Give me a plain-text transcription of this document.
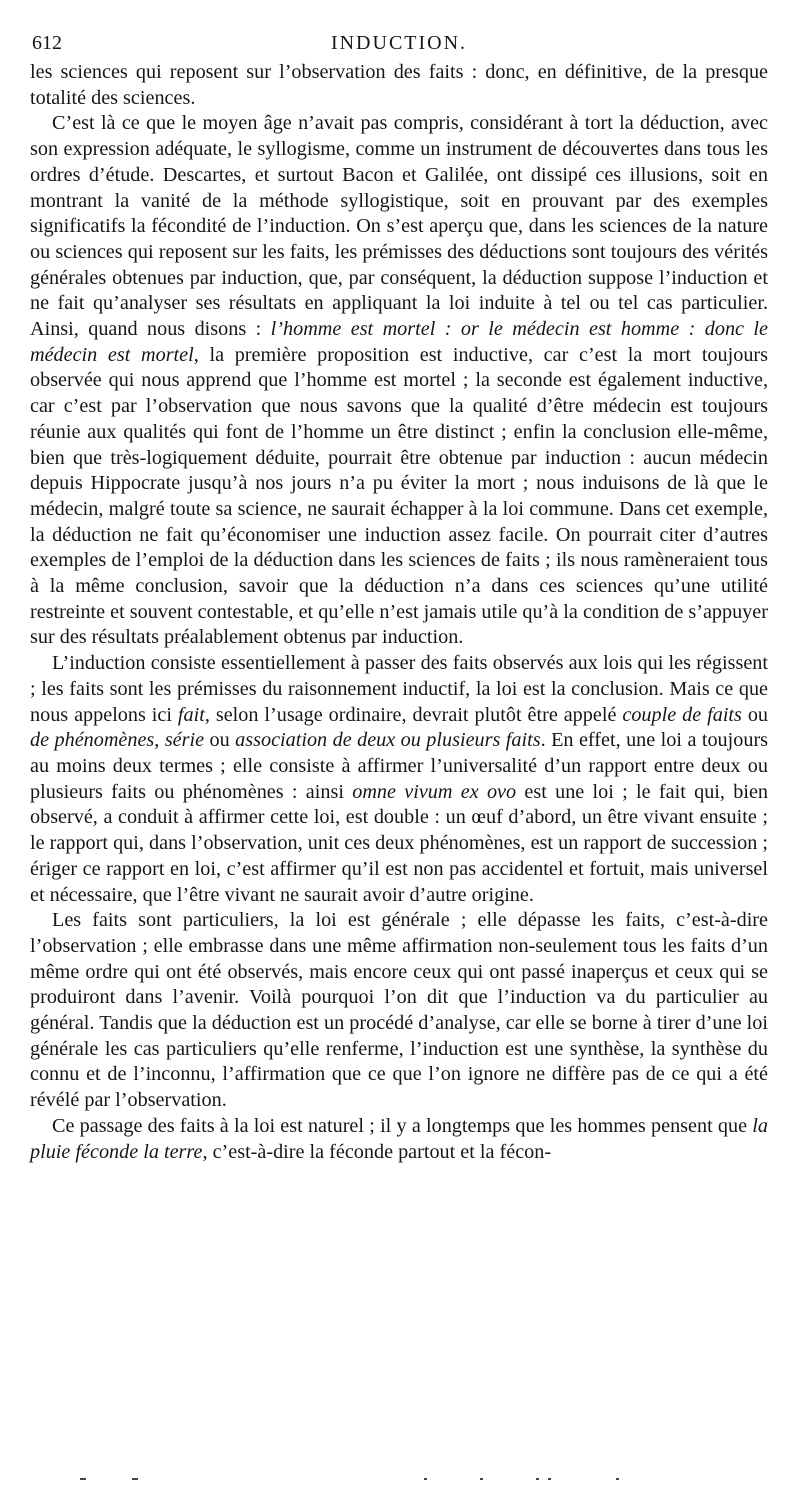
612	INDUCTION.

les sciences qui reposent sur l’observation des faits : donc, en définitive, de la presque totalité des sciences.

C’est là ce que le moyen âge n’avait pas compris, considérant à tort la déduction, avec son expression adéquate, le syllogisme, comme un instrument de découvertes dans tous les ordres d’étude. Descartes, et surtout Bacon et Galilée, ont dissipé ces illusions, soit en montrant la vanité de la méthode syllogistique, soit en prouvant par des exemples significatifs la fécondité de l’induction. On s’est aperçu que, dans les sciences de la nature ou sciences qui reposent sur les faits, les prémisses des déductions sont toujours des vérités générales obtenues par induction, que, par conséquent, la déduction suppose l’induction et ne fait qu’analyser ses résultats en appliquant la loi induite à tel ou tel cas particulier. Ainsi, quand nous disons : l’homme est mortel : or le médecin est homme : donc le médecin est mortel, la première proposition est inductive, car c’est la mort toujours observée qui nous apprend que l’homme est mortel ; la seconde est également inductive, car c’est par l’observation que nous savons que la qualité d’être médecin est toujours réunie aux qualités qui font de l’homme un être distinct ; enfin la conclusion elle-même, bien que très-logiquement déduite, pourrait être obtenue par induction : aucun médecin depuis Hippocrate jusqu’à nos jours n’a pu éviter la mort ; nous induisons de là que le médecin, malgré toute sa science, ne saurait échapper à la loi commune. Dans cet exemple, la déduction ne fait qu’économiser une induction assez facile. On pourrait citer d’autres exemples de l’emploi de la déduction dans les sciences de faits ; ils nous ramèneraient tous à la même conclusion, savoir que la déduction n’a dans ces sciences qu’une utilité restreinte et souvent contestable, et qu’elle n’est jamais utile qu’à la condition de s’appuyer sur des résultats préalablement obtenus par induction.

L’induction consiste essentiellement à passer des faits observés aux lois qui les régissent ; les faits sont les prémisses du raisonnement inductif, la loi est la conclusion. Mais ce que nous appelons ici fait, selon l’usage ordinaire, devrait plutôt être appelé couple de faits ou de phénomènes, série ou association de deux ou plusieurs faits. En effet, une loi a toujours au moins deux termes ; elle consiste à affirmer l’universalité d’un rapport entre deux ou plusieurs faits ou phénomènes : ainsi omne vivum ex ovo est une loi ; le fait qui, bien observé, a conduit à affirmer cette loi, est double : un œuf d’abord, un être vivant ensuite ; le rapport qui, dans l’observation, unit ces deux phénomènes, est un rapport de succession ; ériger ce rapport en loi, c’est affirmer qu’il est non pas accidentel et fortuit, mais universel et nécessaire, que l’être vivant ne saurait avoir d’autre origine.

Les faits sont particuliers, la loi est générale ; elle dépasse les faits, c’est-à-dire l’observation ; elle embrasse dans une même affirmation non-seulement tous les faits d’un même ordre qui ont été observés, mais encore ceux qui ont passé inaperçus et ceux qui se produiront dans l’avenir. Voilà pourquoi l’on dit que l’induction va du particulier au général. Tandis que la déduction est un procédé d’analyse, car elle se borne à tirer d’une loi générale les cas particuliers qu’elle renferme, l’induction est une synthèse, la synthèse du connu et de l’inconnu, l’affirmation que ce que l’on ignore ne diffère pas de ce qui a été révélé par l’observation.

Ce passage des faits à la loi est naturel ; il y a longtemps que les hommes pensent que la pluie féconde la terre, c’est-à-dire la féconde partout et la fécon-
